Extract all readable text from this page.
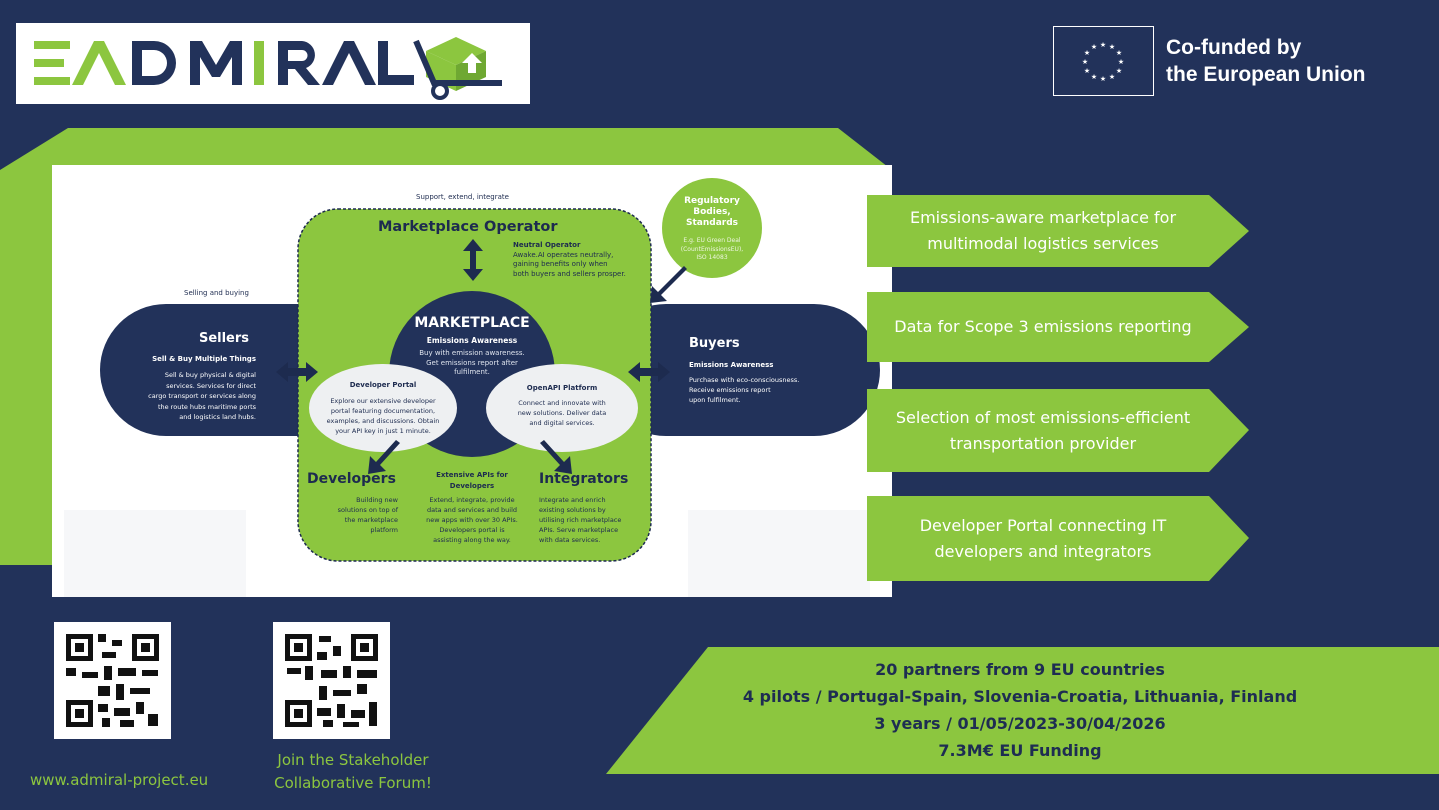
★ ★
★
★
★
★
★
★
★
★
★
★	Co-funded by
the European Union
Support, extend, integrate
Selling and buying
Marketplace Operator
Neutral Operator
Awake.AI operates neutrally,
gaining benefits only when
both buyers and sellers prosper.
Regulatory
Bodies,
Standards
E.g. EU Green Deal
(CountEmissionsEU),
ISO 14083
MARKETPLACE
Emissions Awareness
Buy with emission awareness.
Get emissions report after
fulfilment.
Sellers
Sell & Buy Multiple Things
Sell & buy physical & digital
services. Services for direct
cargo transport or services along
the route hubs maritime ports
and logistics land hubs.
Buyers
Emissions Awareness
Purchase with eco-consciousness.
Receive emissions report
upon fulfilment.
Developer Portal
Explore our extensive developer
portal featuring documentation,
examples, and discussions. Obtain
your API key in just 1 minute.
OpenAPI Platform
Connect and innovate with
new solutions. Deliver data
and digital services.
Developers
Building new
solutions on top of
the marketplace
platform
Extensive APIs for
Developers
Extend, integrate, provide
data and services and build
new apps with over 30 APIs.
Developers portal is
assisting along the way.
Integrators
Integrate and enrich
existing solutions by
utilising rich marketplace
APIs. Serve marketplace
with data services.
Emissions-aware marketplace for
multimodal logistics services
Data for Scope 3 emissions reporting
Selection of most emissions-efficient
transportation provider
Developer Portal connecting IT
developers and integrators
www.admiral-project.eu
Join the Stakeholder
Collaborative Forum!
20 partners from 9 EU countries
4 pilots / Portugal-Spain, Slovenia-Croatia, Lithuania, Finland
3 years / 01/05/2023-30/04/2026
7.3M€ EU Funding
